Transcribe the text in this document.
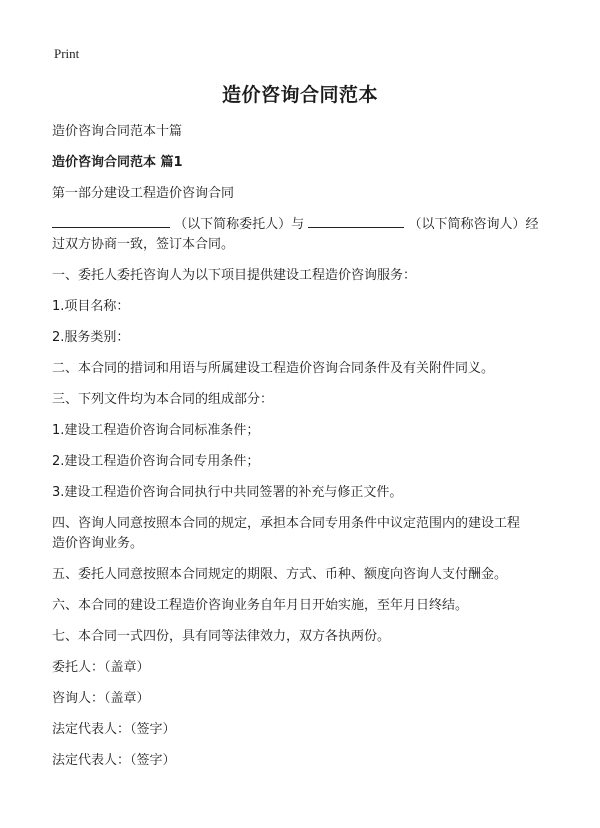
Print
造价咨询合同范本
造价咨询合同范本十篇
造价咨询合同范本 篇1
第一部分建设工程造价咨询合同
（以下简称委托人）与	（以下简称咨询人）经
过双方协商一致，签订本合同。
一、委托人委托咨询人为以下项目提供建设工程造价咨询服务：
1.项目名称：
2.服务类别：
二、本合同的措词和用语与所属建设工程造价咨询合同条件及有关附件同义。
三、下列文件均为本合同的组成部分：
1.建设工程造价咨询合同标准条件；
2.建设工程造价咨询合同专用条件；
3.建设工程造价咨询合同执行中共同签署的补充与修正文件。
四、咨询人同意按照本合同的规定，承担本合同专用条件中议定范围内的建设工程
造价咨询业务。
五、委托人同意按照本合同规定的期限、方式、币种、额度向咨询人支付酬金。
六、本合同的建设工程造价咨询业务自年月日开始实施，至年月日终结。
七、本合同一式四份，具有同等法律效力，双方各执两份。
委托人：（盖章）
咨询人：（盖章）
法定代表人：（签字）
法定代表人：（签字）
